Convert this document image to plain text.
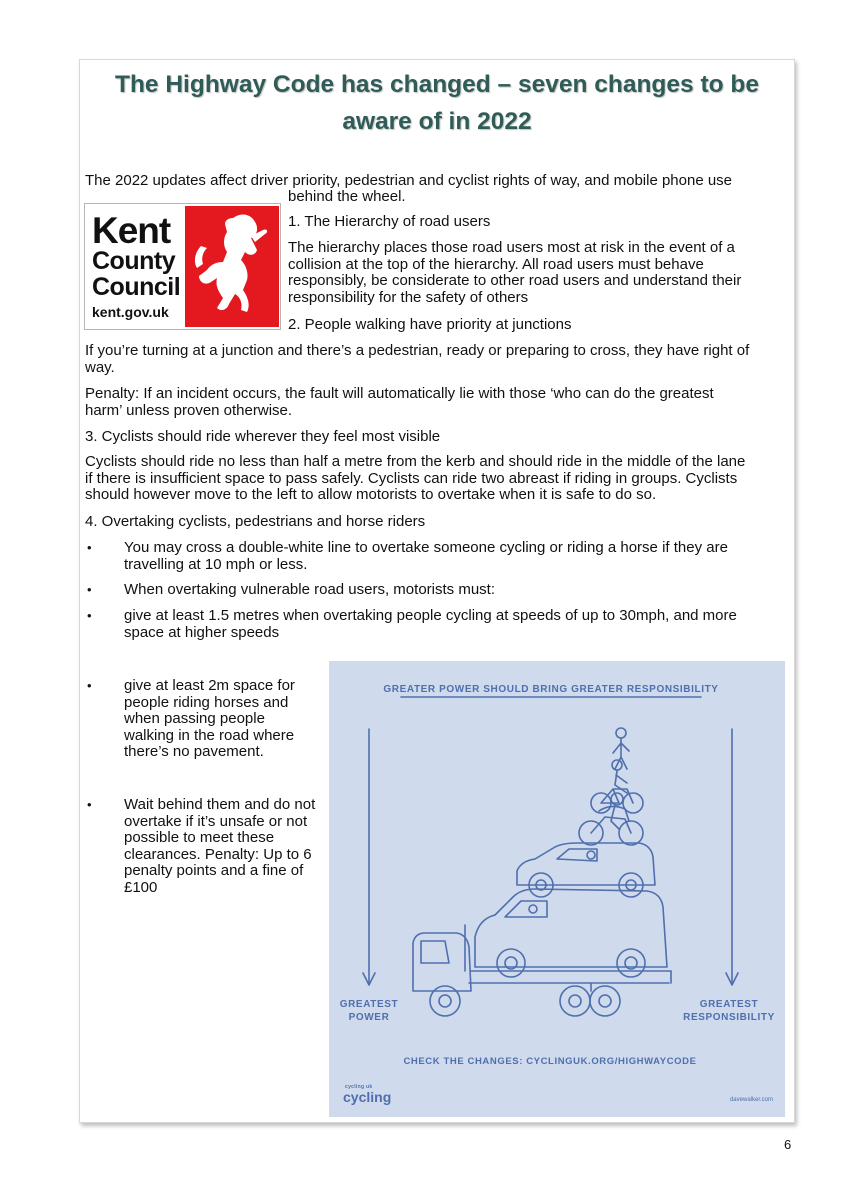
The Highway Code has changed – seven changes to be
aware of in 2022
The 2022 updates affect driver priority, pedestrian and cyclist rights of way, and mobile phone use
behind the wheel.
Kent
County
Council
kent.gov.uk
1. The Hierarchy of road users
The hierarchy places those road users most at risk in the event of a
collision at the top of the hierarchy. All road users must behave
responsibly, be considerate to other road users and understand their
responsibility for the safety of others
2. People walking have priority at junctions
If you’re turning at a junction and there’s a pedestrian, ready or preparing to cross, they have right of
way.
Penalty: If an incident occurs, the fault will automatically lie with those ‘who can do the greatest
harm’ unless proven otherwise.
3. Cyclists should ride wherever they feel most visible
Cyclists should ride no less than half a metre from the kerb and should ride in the middle of the lane
if there is insufficient space to pass safely. Cyclists can ride two abreast if riding in groups. Cyclists
should however move to the left to allow motorists to overtake when it is safe to do so.
4. Overtaking cyclists, pedestrians and horse riders
• You may cross a double-white line to overtake someone cycling or riding a horse if they are
travelling at 10 mph or less.
• When overtaking vulnerable road users, motorists must:
• give at least 1.5 metres when overtaking people cycling at speeds of up to 30mph, and more
space at higher speeds
• give at least 2m space for
people riding horses and
when passing people
walking in the road where
there’s no pavement.
• Wait behind them and do not
overtake if it’s unsafe or not
possible to meet these
clearances. Penalty: Up to 6
penalty points and a fine of
£100
GREATER POWER SHOULD BRING GREATER RESPONSIBILITY
GREATEST
POWER
GREATEST
RESPONSIBILITY
CHECK THE CHANGES: CYCLINGUK.ORG/HIGHWAYCODE
cycling uk
cycling	davewalker.com
6
